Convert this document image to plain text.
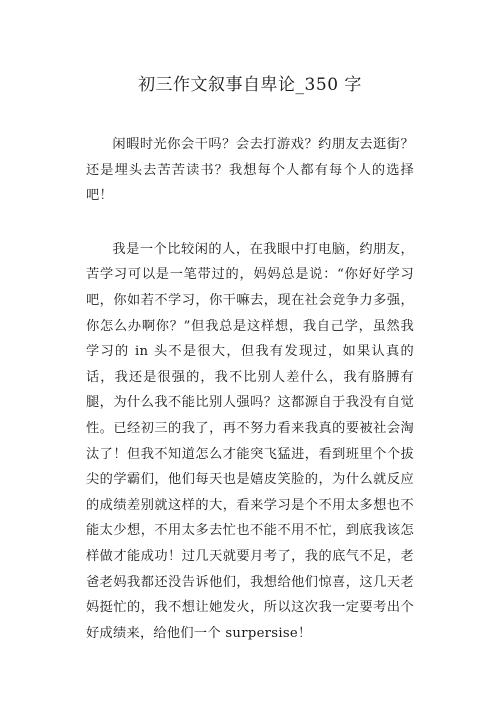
初三作文叙事自卑论_350 字

闲暇时光你会干吗？会去打游戏？约朋友去逛街？还是埋头去苦苦读书？我想每个人都有每个人的选择吧！

我是一个比较闲的人，在我眼中打电脑，约朋友，苦学习可以是一笔带过的，妈妈总是说：“你好好学习吧，你如若不学习，你干嘛去，现在社会竞争力多强，你怎么办啊你？”但我总是这样想，我自己学，虽然我学习的 in 头不是很大，但我有发现过，如果认真的话，我还是很强的，我不比别人差什么，我有胳膊有腿，为什么我不能比别人强吗？这都源自于我没有自觉性。已经初三的我了，再不努力看来我真的要被社会淘汰了！但我不知道怎么才能突飞猛进，看到班里个个拔尖的学霸们，他们每天也是嬉皮笑脸的，为什么就反应的成绩差别就这样的大，看来学习是个不用太多想也不能太少想，不用太多去忙也不能不用不忙，到底我该怎样做才能成功！过几天就要月考了，我的底气不足，老爸老妈我都还没告诉他们，我想给他们惊喜，这几天老妈挺忙的，我不想让她发火，所以这次我一定要考出个好成绩来，给他们一个 surpersise！
